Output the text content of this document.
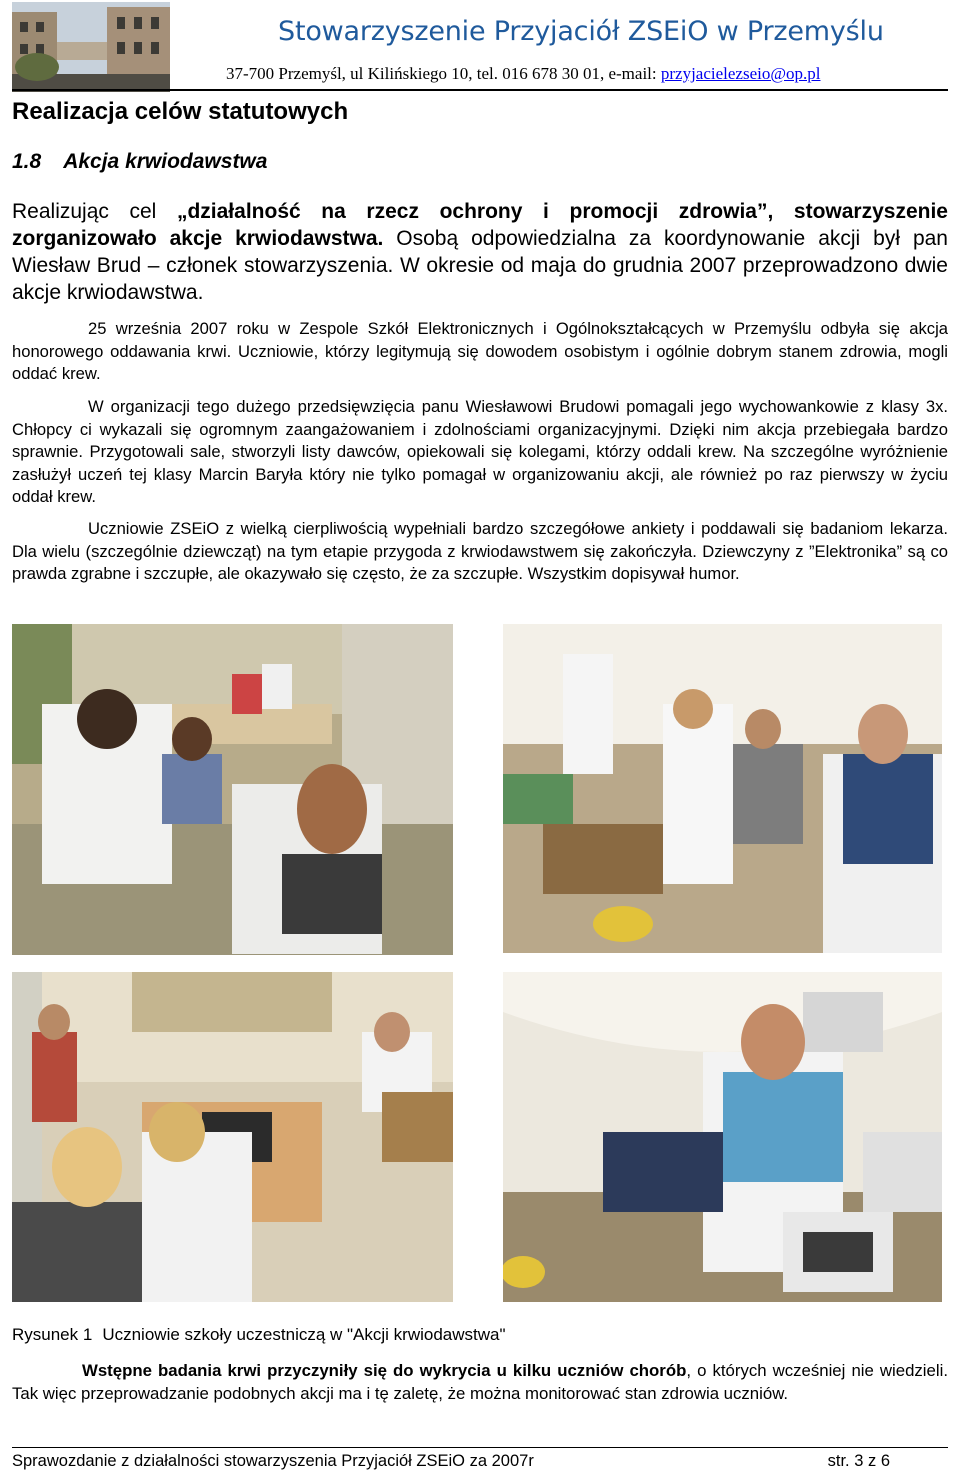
Stowarzyszenie Przyjaciół ZSEiO w Przemyślu
37-700 Przemyśl, ul Kilińskiego 10, tel. 016 678 30 01, e-mail: przyjacielezseio@op.pl
Realizacja celów statutowych
1.8 Akcja krwiodawstwa
Realizując cel „działalność na rzecz ochrony i promocji zdrowia”, stowarzyszenie zorganizowało akcje krwiodawstwa. Osobą odpowiedzialna za koordynowanie akcji był pan Wiesław Brud – członek stowarzyszenia. W okresie od maja do grudnia 2007 przeprowadzono dwie akcje krwiodawstwa.
25 września 2007 roku w Zespole Szkół Elektronicznych i Ogólnokształcących w Przemyślu odbyła się akcja honorowego oddawania krwi. Uczniowie, którzy legitymują się dowodem osobistym i ogólnie dobrym stanem zdrowia, mogli oddać krew.
W organizacji tego dużego przedsięwzięcia panu Wiesławowi Brudowi pomagali jego wychowankowie z klasy 3x. Chłopcy ci wykazali się ogromnym zaangażowaniem i zdolnościami organizacyjnymi. Dzięki nim akcja przebiegała bardzo sprawnie. Przygotowali sale, stworzyli listy dawców, opiekowali się kolegami, którzy oddali krew. Na szczególne wyróżnienie zasłużył uczeń tej klasy Marcin Baryła który nie tylko pomagał w organizowaniu akcji, ale również po raz pierwszy w życiu oddał krew.
Uczniowie ZSEiO z wielką cierpliwością wypełniali bardzo szczegółowe ankiety i poddawali się badaniom lekarza. Dla wielu (szczególnie dziewcząt) na tym etapie przygoda z krwiodawstwem się zakończyła. Dziewczyny z ”Elektronika” są co prawda zgrabne i szczupłe, ale okazywało się często, że za szczupłe. Wszystkim dopisywał humor.
Rysunek 1 Uczniowie szkoły uczestniczą w "Akcji krwiodawstwa"
Wstępne badania krwi przyczyniły się do wykrycia u kilku uczniów chorób, o których wcześniej nie wiedzieli. Tak więc przeprowadzanie podobnych akcji ma i tę zaletę, że można monitorować stan zdrowia uczniów.
Sprawozdanie z działalności stowarzyszenia Przyjaciół ZSEiO za 2007r	str. 3 z 6
